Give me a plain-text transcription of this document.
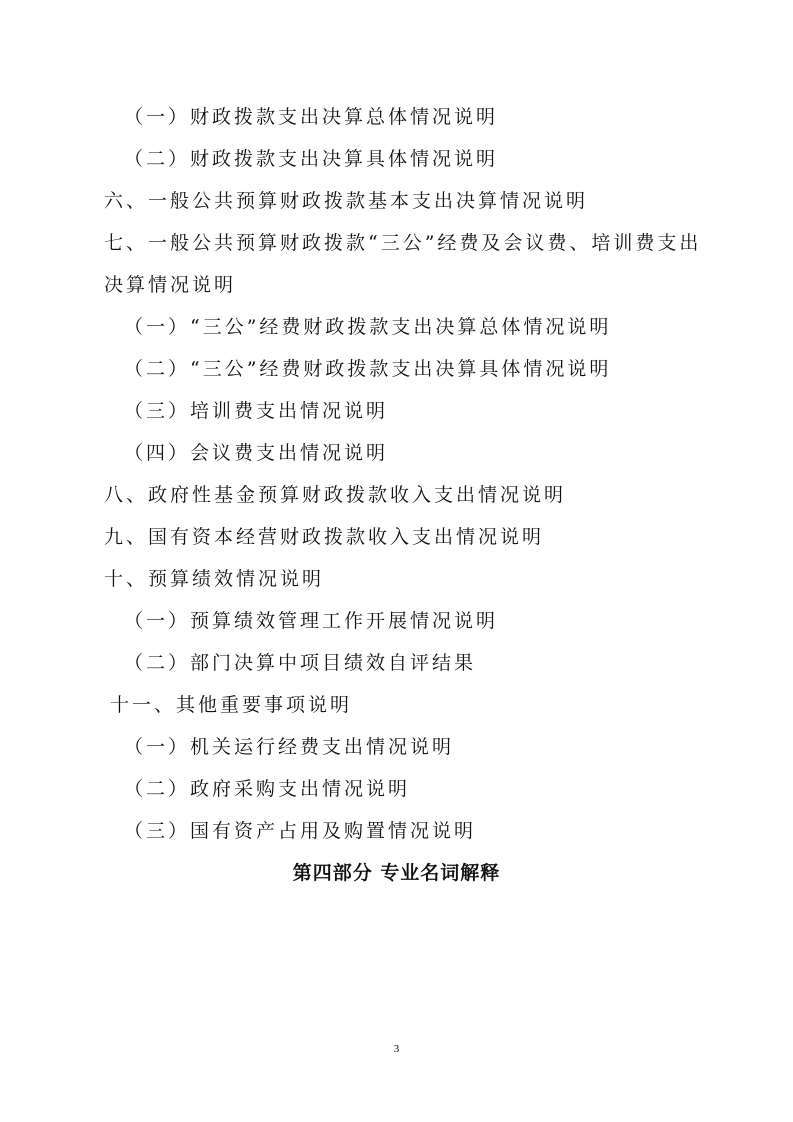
（一）财政拨款支出决算总体情况说明
（二）财政拨款支出决算具体情况说明
六、一般公共预算财政拨款基本支出决算情况说明
七、一般公共预算财政拨款“三公”经费及会议费、培训费支出
决算情况说明
（一）“三公”经费财政拨款支出决算总体情况说明
（二）“三公”经费财政拨款支出决算具体情况说明
（三）培训费支出情况说明
（四）会议费支出情况说明
八、政府性基金预算财政拨款收入支出情况说明
九、国有资本经营财政拨款收入支出情况说明
十、预算绩效情况说明
（一）预算绩效管理工作开展情况说明
（二）部门决算中项目绩效自评结果
十一、其他重要事项说明
（一）机关运行经费支出情况说明
（二）政府采购支出情况说明
（三）国有资产占用及购置情况说明
第四部分 专业名词解释
3
